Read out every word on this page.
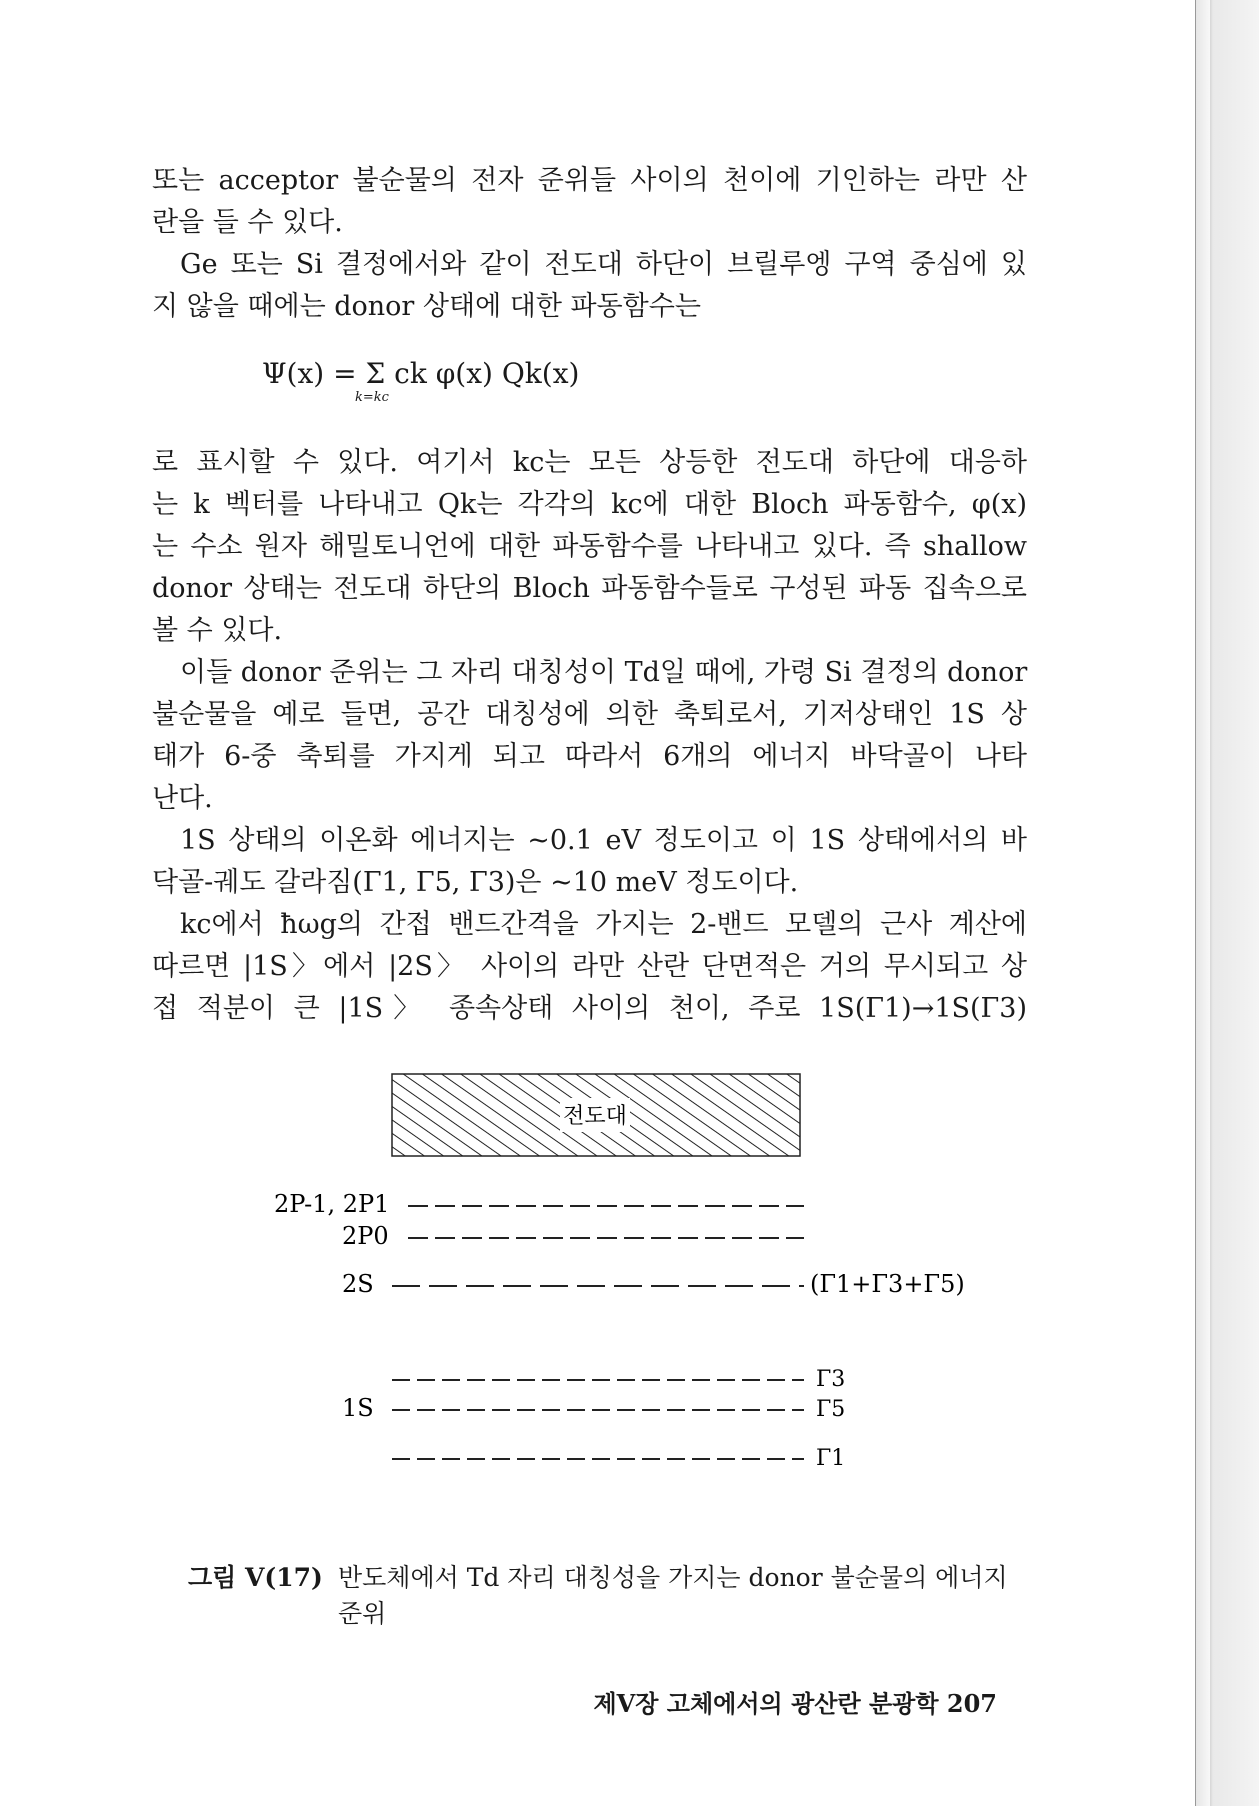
또는 acceptor 불순물의 전자 준위들 사이의 천이에 기인하는 라만 산
란을 들 수 있다.
Ge 또는 Si 결정에서와 같이 전도대 하단이 브릴루엥 구역 중심에 있
지 않을 때에는 donor 상태에 대한 파동함수는
Ψ(x) = Σ ck φ(x) Qk(x)
k=kc
로 표시할 수 있다. 여기서 kc는 모든 상등한 전도대 하단에 대응하
는 k 벡터를 나타내고 Qk는 각각의 kc에 대한 Bloch 파동함수, φ(x)
는 수소 원자 해밀토니언에 대한 파동함수를 나타내고 있다. 즉 shallow
donor 상태는 전도대 하단의 Bloch 파동함수들로 구성된 파동 집속으로
볼 수 있다.
이들 donor 준위는 그 자리 대칭성이 Td일 때에, 가령 Si 결정의 donor
불순물을 예로 들면, 공간 대칭성에 의한 축퇴로서, 기저상태인 1S 상
태가 6-중 축퇴를 가지게 되고 따라서 6개의 에너지 바닥골이 나타
난다.
1S 상태의 이온화 에너지는 ~0.1 eV 정도이고 이 1S 상태에서의 바
닥골-궤도 갈라짐(Γ1, Γ5, Γ3)은 ~10 meV 정도이다.
kc에서 ħωg의 간접 밴드간격을 가지는 2-밴드 모델의 근사 계산에
따르면 |1S〉에서 |2S〉 사이의 라만 산란 단면적은 거의 무시되고 상
접 적분이 큰 |1S〉 종속상태 사이의 천이, 주로 1S(Γ1)→1S(Γ3)
전도대
2P-1, 2P1
2P0
2S	(Γ1+Γ3+Γ5)
Γ3
1S	Γ5
Γ1
그림 V(17) 반도체에서 Td 자리 대칭성을 가지는 donor 불순물의 에너지 준위
제V장 고체에서의 광산란 분광학 207
